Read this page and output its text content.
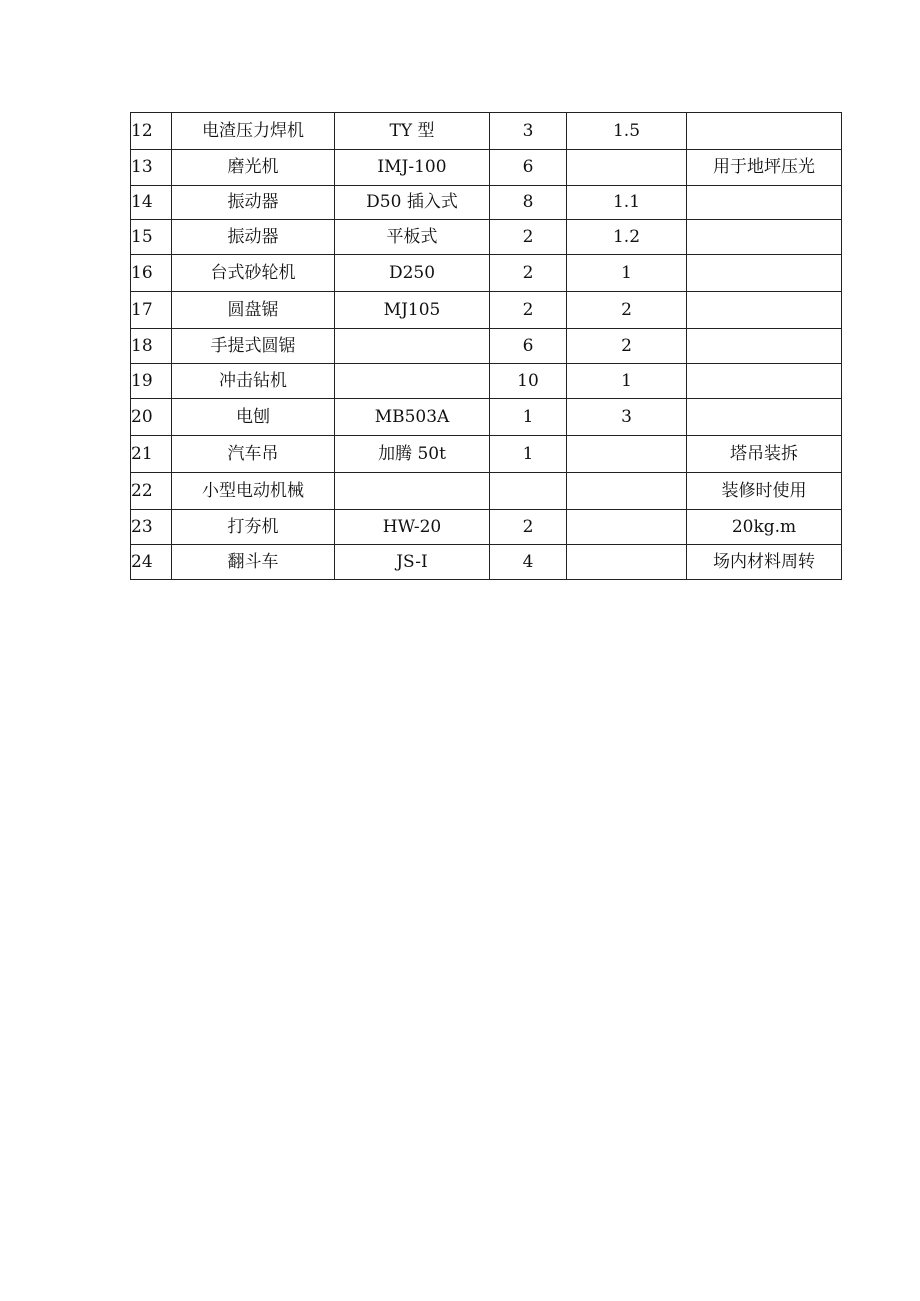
12	电渣压力焊机	TY 型	3	1.5	

13	磨光机	IMJ-100	6		用于地坪压光

14	振动器	D50 插入式	8	1.1	

15	振动器	平板式	2	1.2	

16	台式砂轮机	D250	2	1	

17	圆盘锯	MJ105	2	2	

18	手提式圆锯		6	2	

19	冲击钻机		10	1	

20	电刨	MB503A	1	3	

21	汽车吊	加腾 50t	1		塔吊装拆

22	小型电动机械				装修时使用

23	打夯机	HW-20	2		20kg.m

24	翻斗车	JS-I	4		场内材料周转
